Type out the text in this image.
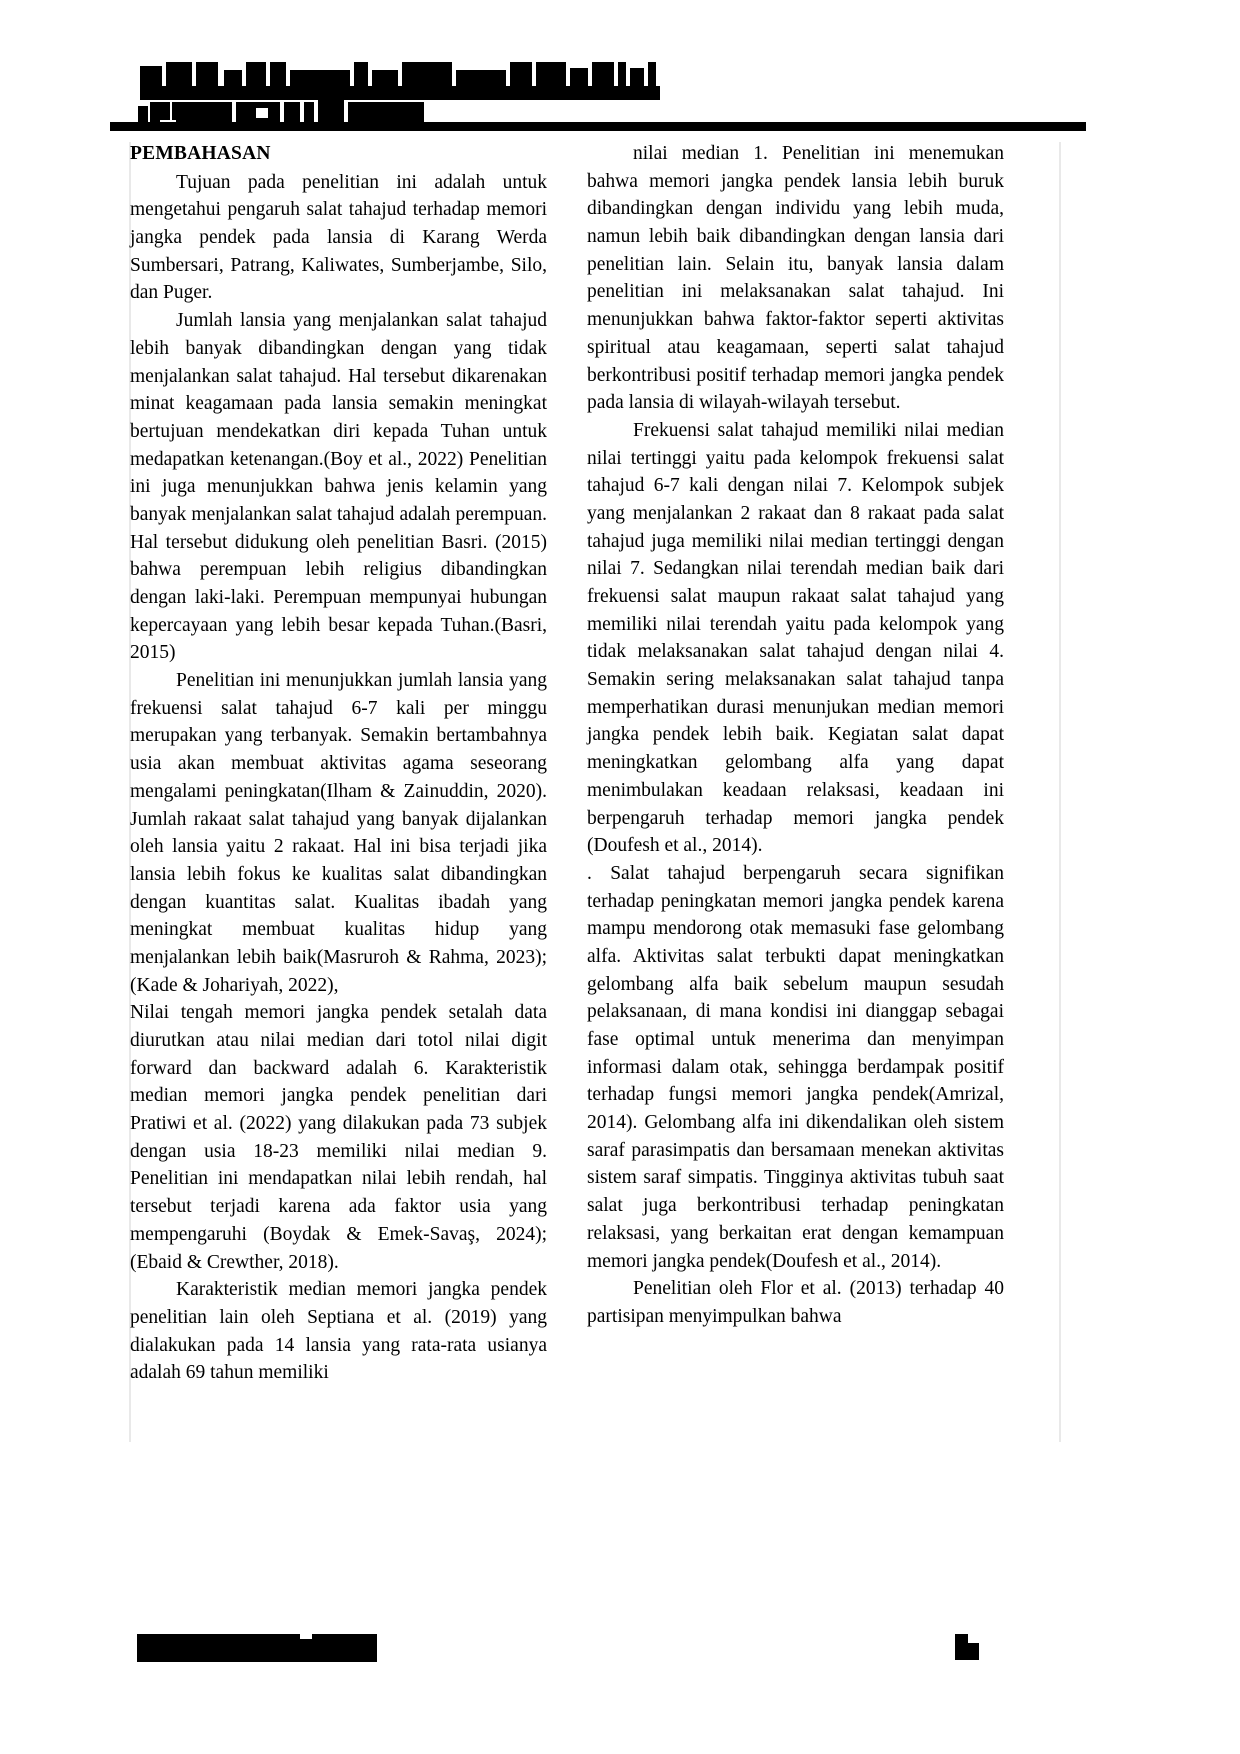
PEMBAHASAN

Tujuan pada penelitian ini adalah untuk mengetahui pengaruh salat tahajud terhadap memori jangka pendek pada lansia di Karang Werda Sumbersari, Patrang, Kaliwates, Sumberjambe, Silo, dan Puger.

Jumlah lansia yang menjalankan salat tahajud lebih banyak dibandingkan dengan yang tidak menjalankan salat tahajud. Hal tersebut dikarenakan minat keagamaan pada lansia semakin meningkat bertujuan mendekatkan diri kepada Tuhan untuk medapatkan ketenangan.(Boy et al., 2022) Penelitian ini juga menunjukkan bahwa jenis kelamin yang banyak menjalankan salat tahajud adalah perempuan. Hal tersebut didukung oleh penelitian Basri. (2015) bahwa perempuan lebih religius dibandingkan dengan laki-laki. Perempuan mempunyai hubungan kepercayaan yang lebih besar kepada Tuhan.(Basri, 2015)

Penelitian ini menunjukkan jumlah lansia yang frekuensi salat tahajud 6-7 kali per minggu merupakan yang terbanyak. Semakin bertambahnya usia akan membuat aktivitas agama seseorang mengalami peningkatan(Ilham & Zainuddin, 2020). Jumlah rakaat salat tahajud yang banyak dijalankan oleh lansia yaitu 2 rakaat. Hal ini bisa terjadi jika lansia lebih fokus ke kualitas salat dibandingkan dengan kuantitas salat. Kualitas ibadah yang meningkat membuat kualitas hidup yang menjalankan lebih baik(Masruroh & Rahma, 2023);(Kade & Johariyah, 2022),

Nilai tengah memori jangka pendek setalah data diurutkan atau nilai median dari totol nilai digit forward dan backward adalah 6. Karakteristik median memori jangka pendek penelitian dari Pratiwi et al. (2022) yang dilakukan pada 73 subjek dengan usia 18-23 memiliki nilai median 9. Penelitian ini mendapatkan nilai lebih rendah, hal tersebut terjadi karena ada faktor usia yang mempengaruhi (Boydak & Emek-Savaş, 2024); (Ebaid & Crewther, 2018).

Karakteristik median memori jangka pendek penelitian lain oleh Septiana et al. (2019) yang dialakukan pada 14 lansia yang rata-rata usianya adalah 69 tahun memiliki

nilai median 1. Penelitian ini menemukan bahwa memori jangka pendek lansia lebih buruk dibandingkan dengan individu yang lebih muda, namun lebih baik dibandingkan dengan lansia dari penelitian lain. Selain itu, banyak lansia dalam penelitian ini melaksanakan salat tahajud. Ini menunjukkan bahwa faktor-faktor seperti aktivitas spiritual atau keagamaan, seperti salat tahajud berkontribusi positif terhadap memori jangka pendek pada lansia di wilayah-wilayah tersebut.

Frekuensi salat tahajud memiliki nilai median nilai tertinggi yaitu pada kelompok frekuensi salat tahajud 6-7 kali dengan nilai 7. Kelompok subjek yang menjalankan 2 rakaat dan 8 rakaat pada salat tahajud juga memiliki nilai median tertinggi dengan nilai 7. Sedangkan nilai terendah median baik dari frekuensi salat maupun rakaat salat tahajud yang memiliki nilai terendah yaitu pada kelompok yang tidak melaksanakan salat tahajud dengan nilai 4. Semakin sering melaksanakan salat tahajud tanpa memperhatikan durasi menunjukan median memori jangka pendek lebih baik. Kegiatan salat dapat meningkatkan gelombang alfa yang dapat menimbulakan keadaan relaksasi, keadaan ini berpengaruh terhadap memori jangka pendek (Doufesh et al., 2014).

. Salat tahajud berpengaruh secara signifikan terhadap peningkatan memori jangka pendek karena mampu mendorong otak memasuki fase gelombang alfa. Aktivitas salat terbukti dapat meningkatkan gelombang alfa baik sebelum maupun sesudah pelaksanaan, di mana kondisi ini dianggap sebagai fase optimal untuk menerima dan menyimpan informasi dalam otak, sehingga berdampak positif terhadap fungsi memori jangka pendek(Amrizal, 2014). Gelombang alfa ini dikendalikan oleh sistem saraf parasimpatis dan bersamaan menekan aktivitas sistem saraf simpatis. Tingginya aktivitas tubuh saat salat juga berkontribusi terhadap peningkatan relaksasi, yang berkaitan erat dengan kemampuan memori jangka pendek(Doufesh et al., 2014).

Penelitian oleh Flor et al. (2013) terhadap 40 partisipan menyimpulkan bahwa
